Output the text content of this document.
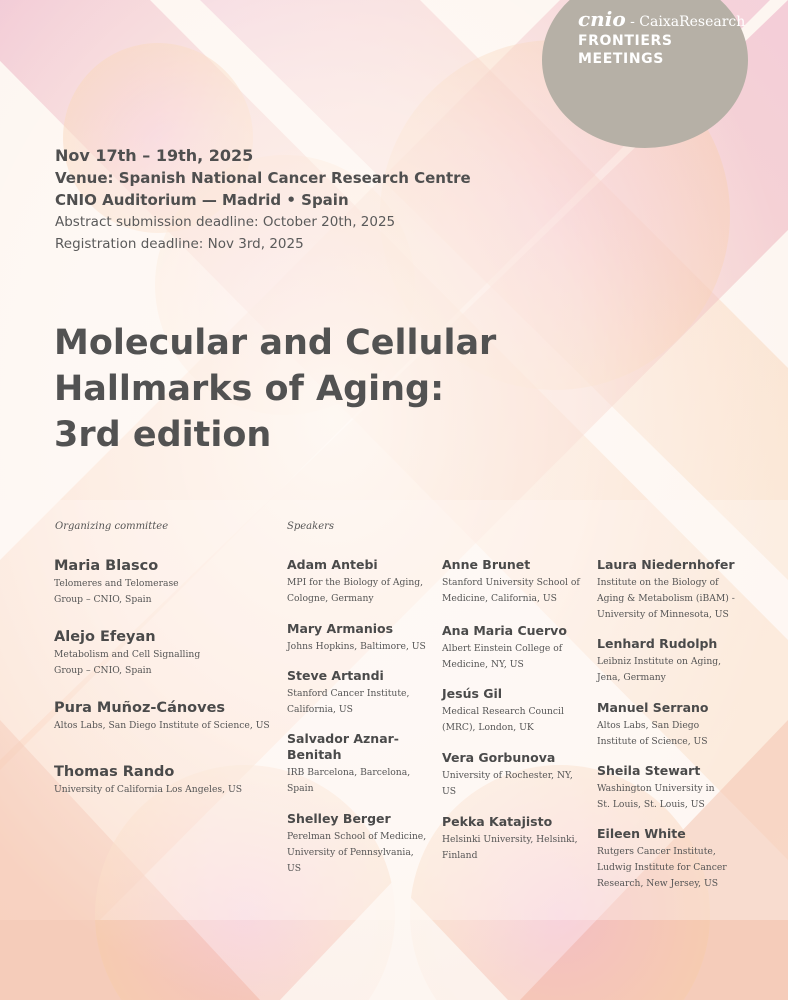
cnio - CaixaResearch
FRONTIERS
MEETINGS
Nov 17th – 19th, 2025
Venue: Spanish National Cancer Research Centre
CNIO Auditorium — Madrid • Spain
Abstract submission deadline: October 20th, 2025
Registration deadline: Nov 3rd, 2025
Molecular and Cellular
Hallmarks of Aging:
3rd edition
Organizing committee	Speakers
Maria Blasco
Telomeres and Telomerase
Group – CNIO, Spain
Alejo Efeyan
Metabolism and Cell Signalling
Group – CNIO, Spain
Pura Muñoz-Cánoves
Altos Labs, San Diego Institute of Science, US
Thomas Rando
University of California Los Angeles, US
Adam Antebi
MPI for the Biology of Aging,
Cologne, Germany
Mary Armanios
Johns Hopkins, Baltimore, US
Steve Artandi
Stanford Cancer Institute,
California, US
Salvador Aznar-
Benitah
IRB Barcelona, Barcelona,
Spain
Shelley Berger
Perelman School of Medicine,
University of Pennsylvania,
US
Anne Brunet
Stanford University School of
Medicine, California, US
Ana Maria Cuervo
Albert Einstein College of
Medicine, NY, US
Jesús Gil
Medical Research Council
(MRC), London, UK
Vera Gorbunova
University of Rochester, NY,
US
Pekka Katajisto
Helsinki University, Helsinki,
Finland
Laura Niedernhofer
Institute on the Biology of
Aging & Metabolism (iBAM) -
University of Minnesota, US
Lenhard Rudolph
Leibniz Institute on Aging,
Jena, Germany
Manuel Serrano
Altos Labs, San Diego
Institute of Science, US
Sheila Stewart
Washington University in
St. Louis, St. Louis, US
Eileen White
Rutgers Cancer Institute,
Ludwig Institute for Cancer
Research, New Jersey, US
